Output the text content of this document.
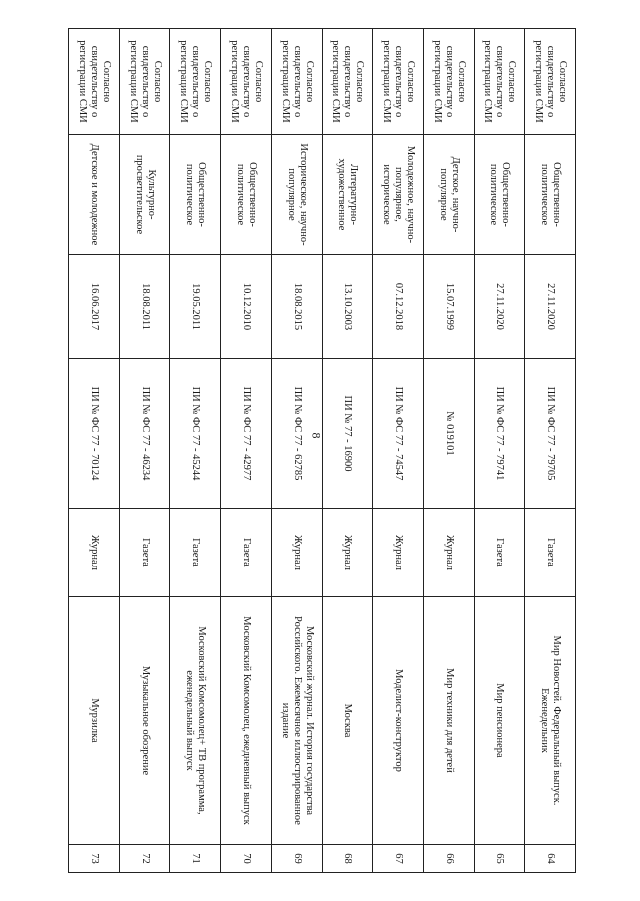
8
Согласно свидетельству о регистрации СМИ	Общественно-политическое	27.11.2020	ПИ № ФС 77 - 79705	Газета	Мир Новостей. Федеральный выпуск. Еженедельник	64
Согласно свидетельству о регистрации СМИ	Общественно-политическое	27.11.2020	ПИ № ФС 77 - 79741	Газета	Мир пенсионера	65
Согласно свидетельству о регистрации СМИ	Детское, научно-популярное	15.07.1999	№ 019101	Журнал	Мир техники для детей	66
Согласно свидетельству о регистрации СМИ	Молодежное, научно-популярное, историческое	07.12.2018	ПИ № ФС 77 - 74547	Журнал	Моделист-конструктор	67
Согласно свидетельству о регистрации СМИ	Литературно-художественное	13.10.2003	ПИ № 77 - 16900	Журнал	Москва	68
Согласно свидетельству о регистрации СМИ	Историческое, научно-популярное	18.08.2015	ПИ № ФС 77 - 62785	Журнал	Московский журнал. История государства Российского. Ежемесячное иллюстрированное издание	69
Согласно свидетельству о регистрации СМИ	Общественно-политическое	10.12.2010	ПИ № ФС 77 - 42977	Газета	Московский Комсомолец, ежедневный выпуск	70
Согласно свидетельству о регистрации СМИ	Общественно-политическое	19.05.2011	ПИ № ФС 77 - 45244	Газета	Московский Комсомолец+ ТВ программа, еженедельный выпуск	71
Согласно свидетельству о регистрации СМИ	Культурно-просветительское	18.08.2011	ПИ № ФС 77 - 46234	Газета	Музыкальное обозрение	72
Согласно свидетельству о регистрации СМИ	Детское и молодежное	16.06.2017	ПИ № ФС 77 - 70124	Журнал	Мурзилка	73
